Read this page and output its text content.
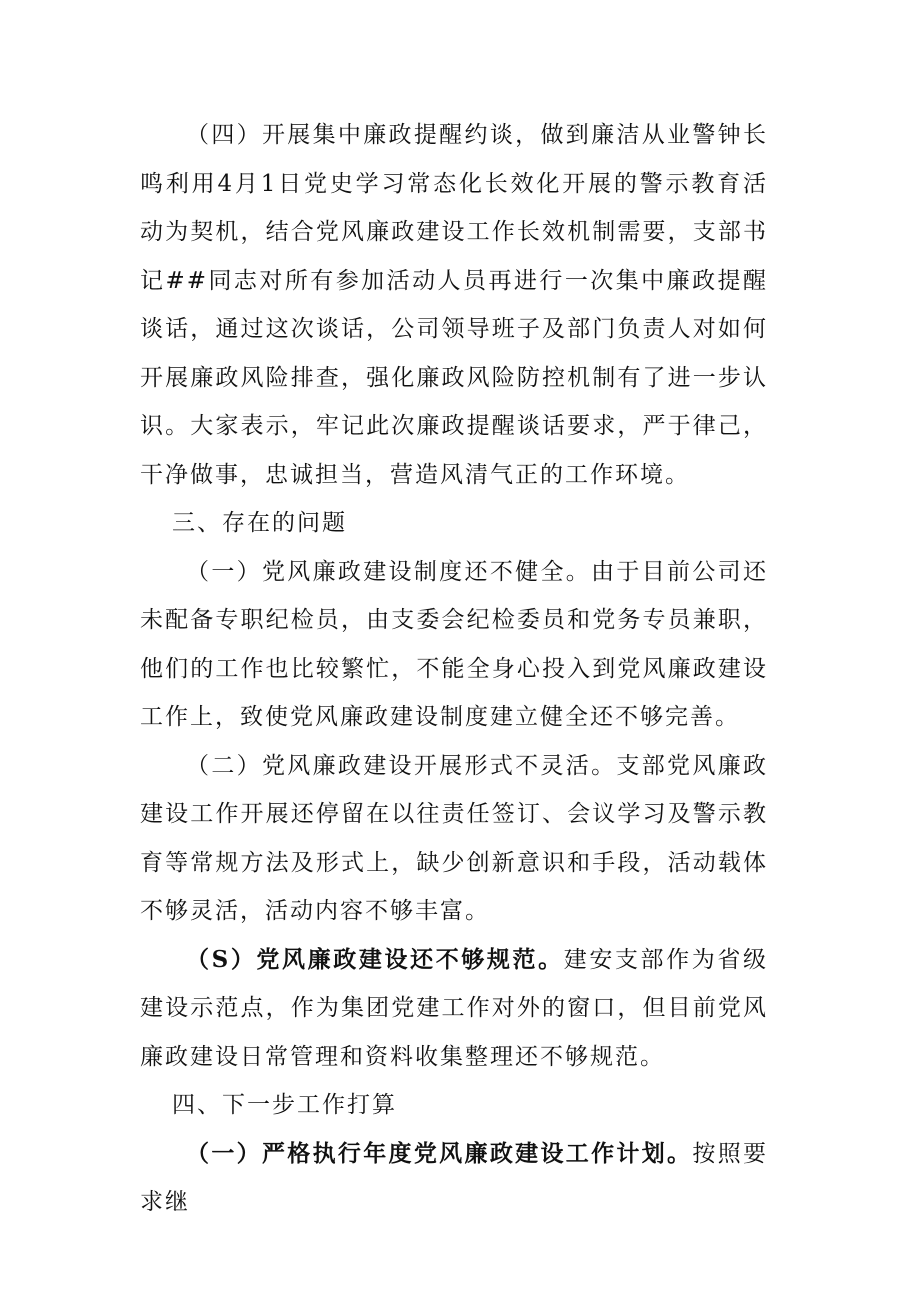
（四）开展集中廉政提醒约谈，做到廉洁从业警钟长鸣利用4月1日党史学习常态化长效化开展的警示教育活动为契机，结合党风廉政建设工作长效机制需要，支部书记##同志对所有参加活动人员再进行一次集中廉政提醒谈话，通过这次谈话，公司领导班子及部门负责人对如何开展廉政风险排查，强化廉政风险防控机制有了进一步认识。大家表示，牢记此次廉政提醒谈话要求，严于律己，干净做事，忠诚担当，营造风清气正的工作环境。

三、存在的问题

（一）党风廉政建设制度还不健全。由于目前公司还未配备专职纪检员，由支委会纪检委员和党务专员兼职，他们的工作也比较繁忙，不能全身心投入到党风廉政建设工作上，致使党风廉政建设制度建立健全还不够完善。

（二）党风廉政建设开展形式不灵活。支部党风廉政建设工作开展还停留在以往责任签订、会议学习及警示教育等常规方法及形式上，缺少创新意识和手段，活动载体不够灵活，活动内容不够丰富。

（S）党风廉政建设还不够规范。建安支部作为省级建设示范点，作为集团党建工作对外的窗口，但目前党风廉政建设日常管理和资料收集整理还不够规范。

四、下一步工作打算

（一）严格执行年度党风廉政建设工作计划。按照要求继
